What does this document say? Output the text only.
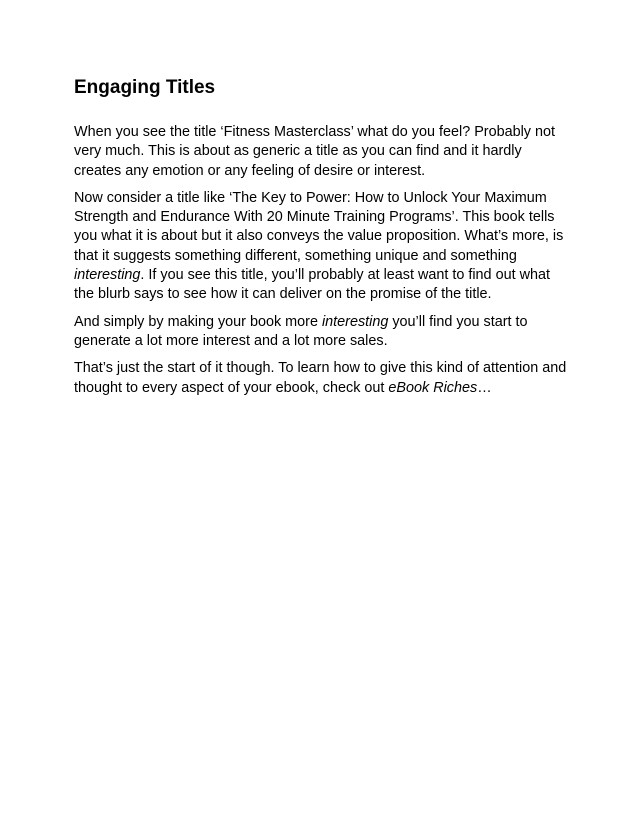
Engaging Titles

When you see the title ‘Fitness Masterclass’ what do you feel? Probably not very much. This is about as generic a title as you can find and it hardly creates any emotion or any feeling of desire or interest.

Now consider a title like ‘The Key to Power: How to Unlock Your Maximum Strength and Endurance With 20 Minute Training Programs’. This book tells you what it is about but it also conveys the value proposition. What’s more, is that it suggests something different, something unique and something interesting. If you see this title, you’ll probably at least want to find out what the blurb says to see how it can deliver on the promise of the title.

And simply by making your book more interesting you’ll find you start to generate a lot more interest and a lot more sales.

That’s just the start of it though. To learn how to give this kind of attention and thought to every aspect of your ebook, check out eBook Riches…
